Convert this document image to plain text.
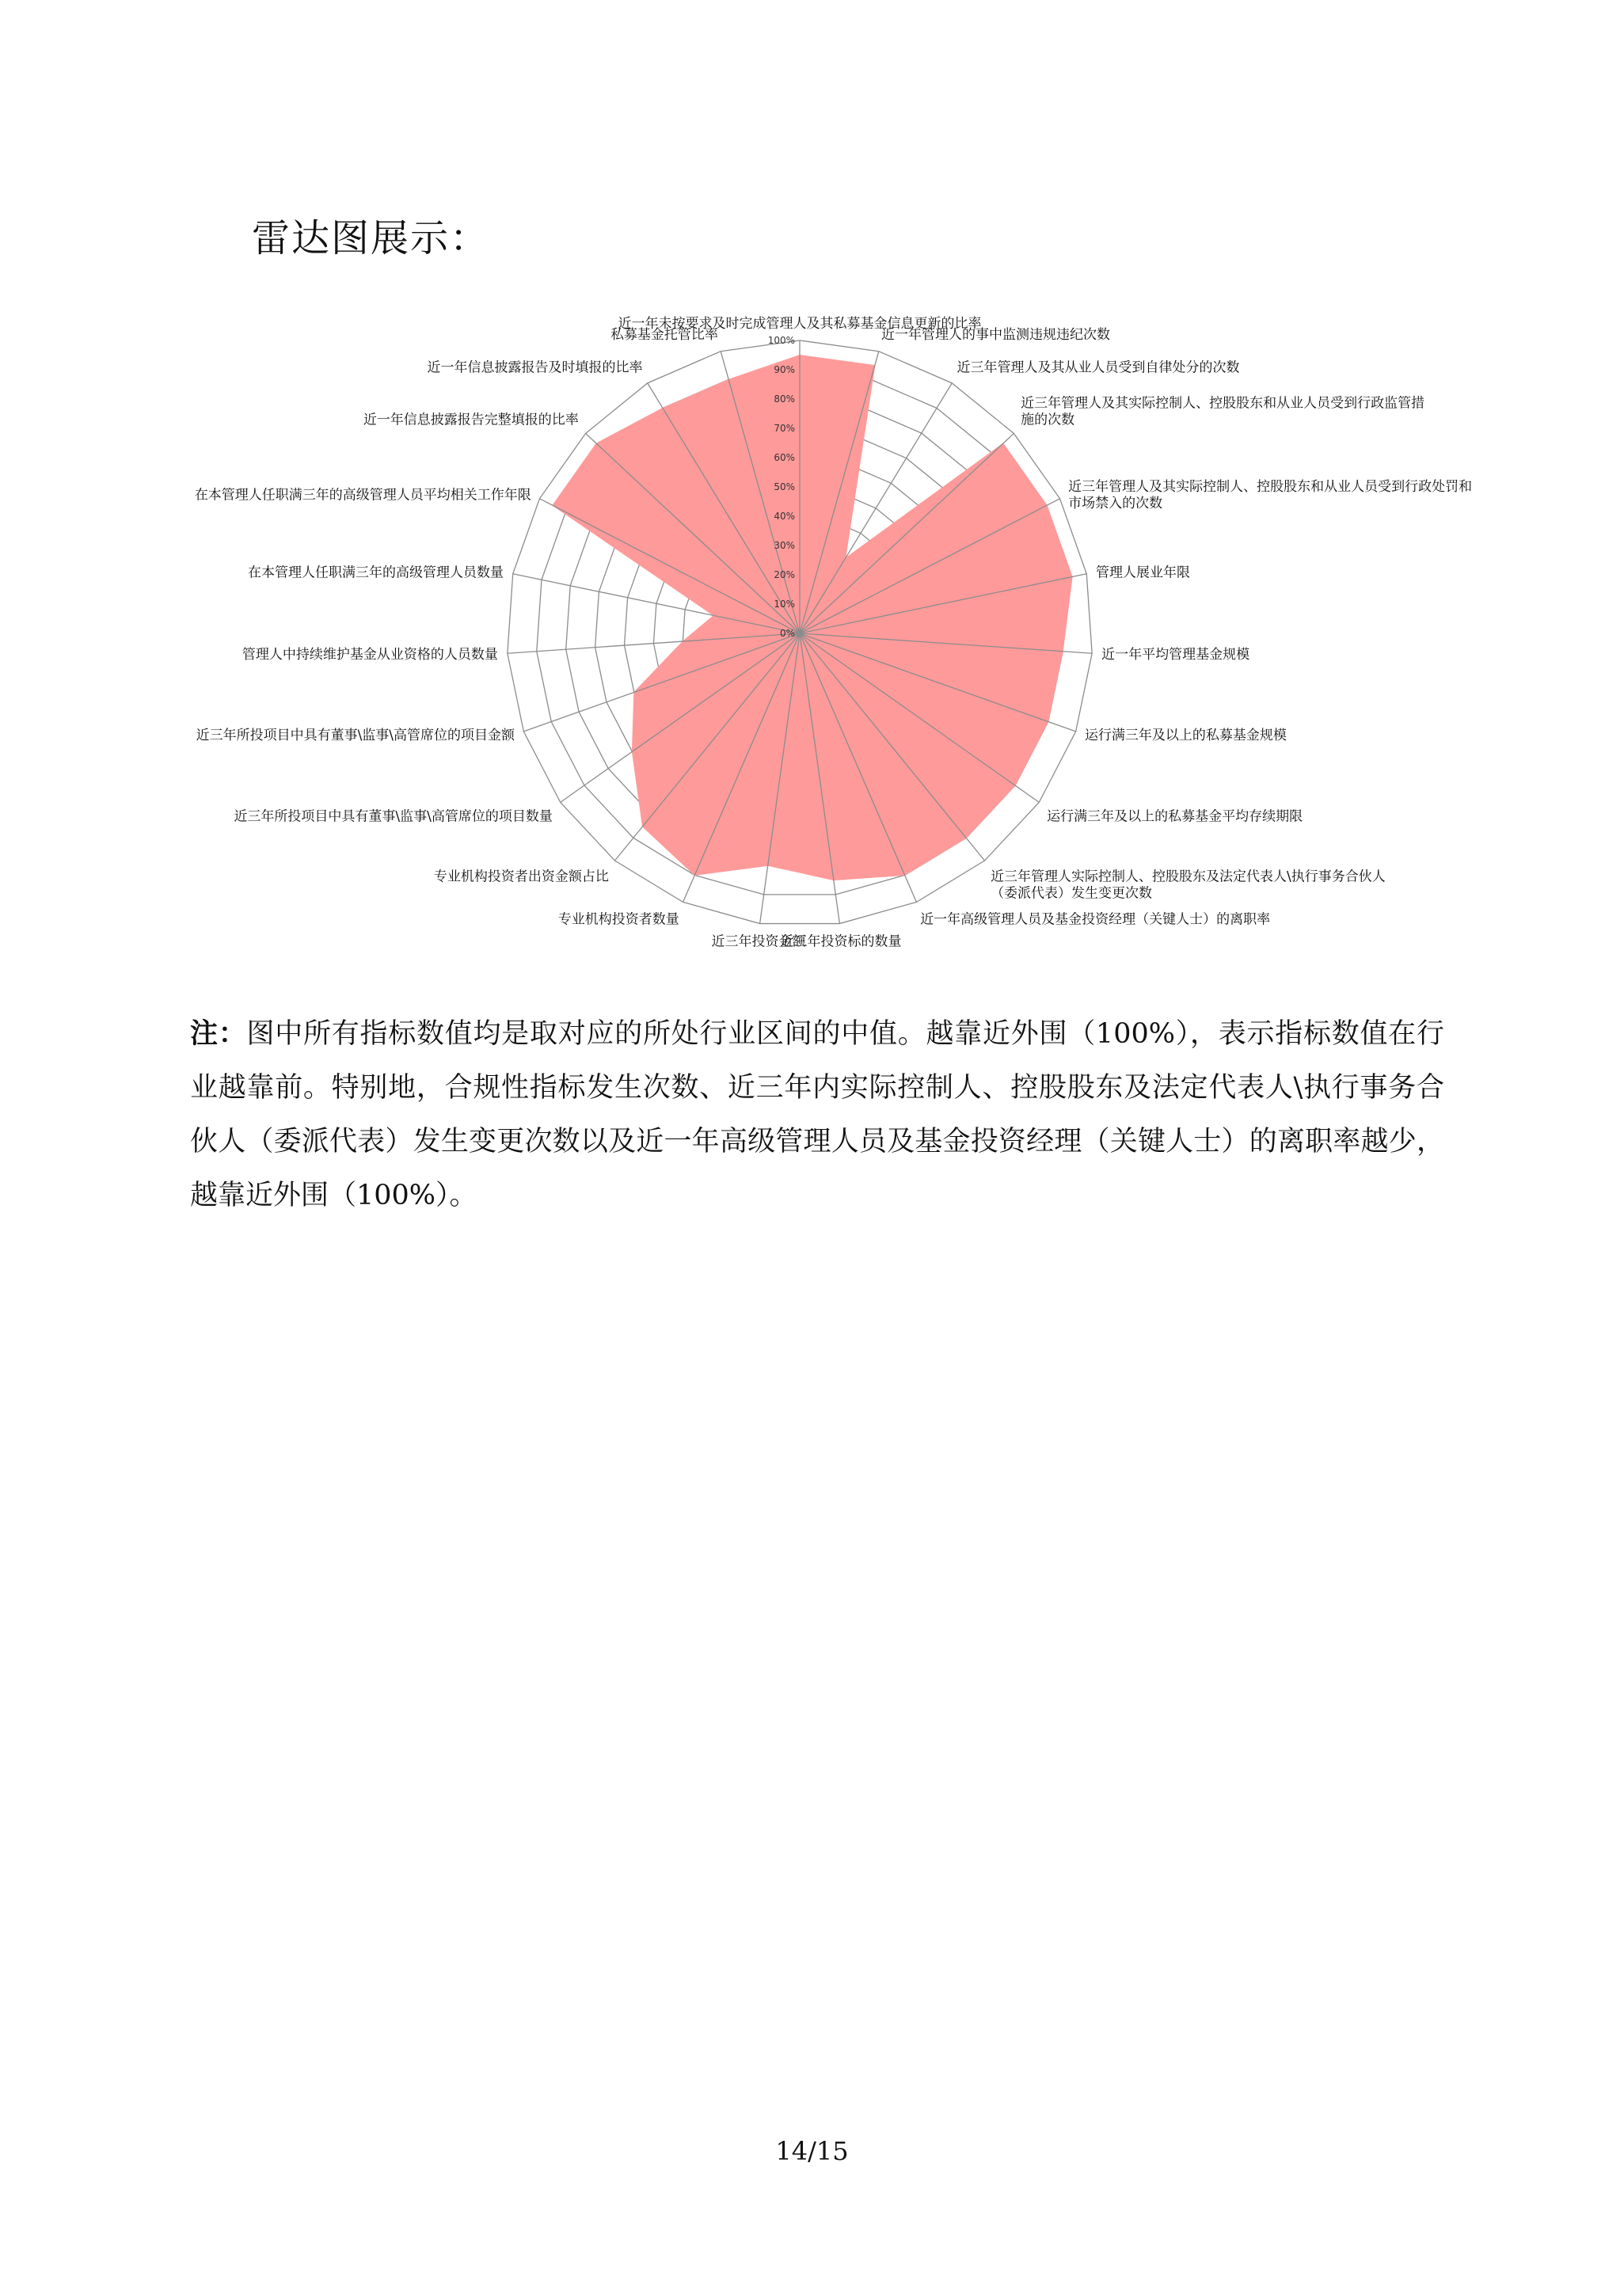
雷达图展示：
0%
10%
20%
30%
40%
50%
60%
70%
80%
90%
100%
近一年未按要求及时完成管理人及其私募基金信息更新的比率
近一年管理人的事中监测违规违纪次数
近三年管理人及其从业人员受到自律处分的次数
近三年管理人及其实际控制人、控股股东和从业人员受到行政监管措施的次数
近三年管理人及其实际控制人、控股股东和从业人员受到行政处罚和市场禁入的次数
管理人展业年限
近一年平均管理基金规模
运行满三年及以上的私募基金规模
运行满三年及以上的私募基金平均存续期限
近三年管理人实际控制人、控股股东及法定代表人\执行事务合伙人（委派代表）发生变更次数
近一年高级管理人员及基金投资经理（关键人士）的离职率
近三年投资标的数量
近三年投资金额
专业机构投资者数量
专业机构投资者出资金额占比
近三年所投项目中具有董事\监事\高管席位的项目数量
近三年所投项目中具有董事\监事\高管席位的项目金额
管理人中持续维护基金从业资格的人员数量
在本管理人任职满三年的高级管理人员数量
在本管理人任职满三年的高级管理人员平均相关工作年限
近一年信息披露报告完整填报的比率
近一年信息披露报告及时填报的比率
私募基金托管比率
注：图中所有指标数值均是取对应的所处行业区间的中值。越靠近外围（100%），表示指标数值在行业越靠前。特别地，合规性指标发生次数、近三年内实际控制人、控股股东及法定代表人\执行事务合伙人（委派代表）发生变更次数以及近一年高级管理人员及基金投资经理（关键人士）的离职率越少，越靠近外围（100%）。
14/15
